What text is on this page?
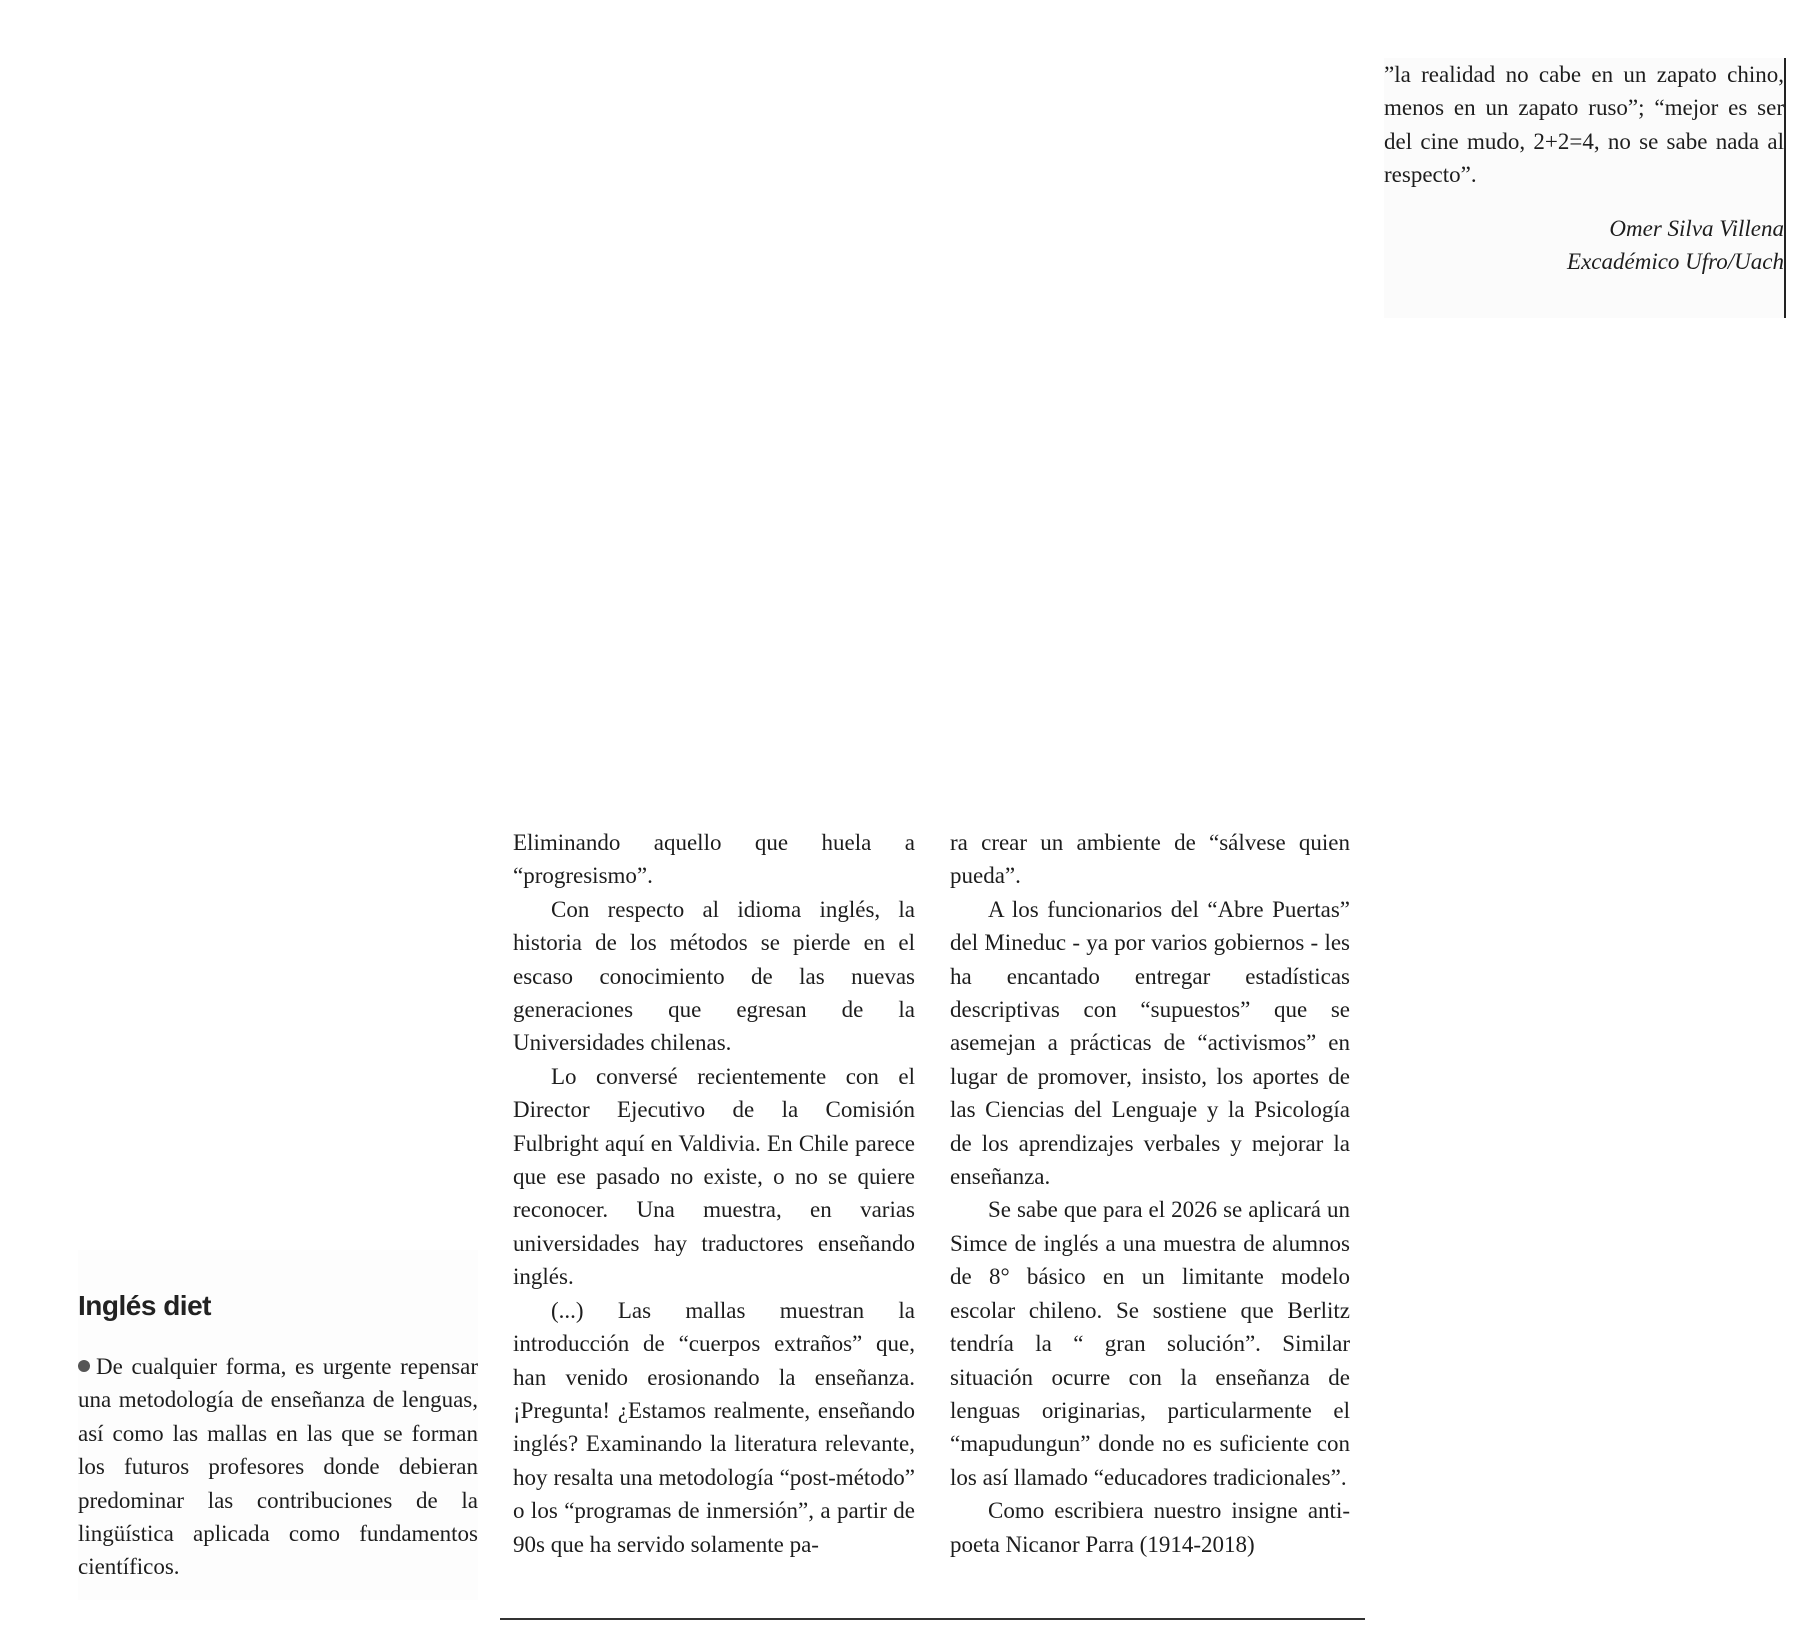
”la realidad no cabe en un zapato chino, menos en un zapato ruso”; “mejor es ser del cine mudo, 2+2=4, no se sabe nada al respecto”.

Omer Silva Villena
Excadémico Ufro/Uach
Inglés diet

De cualquier forma, es urgente repensar una metodología de enseñanza de lenguas, así como las mallas en las que se forman los futuros profesores donde debieran predominar las contribuciones de la lingüística aplicada como fundamentos científicos.

Eliminando aquello que huela a “progresismo”.

Con respecto al idioma inglés, la historia de los métodos se pierde en el escaso conocimiento de las nuevas generaciones que egresan de la Universidades chilenas.

Lo conversé recientemente con el Director Ejecutivo de la Comisión Fulbright aquí en Valdivia. En Chile parece que ese pasado no existe, o no se quiere reconocer. Una muestra, en varias universidades hay traductores enseñando inglés.

(...) Las mallas muestran la introducción de “cuerpos extraños” que, han venido erosionando la enseñanza. ¡Pregunta! ¿Estamos realmente, enseñando inglés? Examinando la literatura relevante, hoy resalta una metodología “post-método” o los “programas de inmersión”, a partir de 90s que ha servido solamente pa-

ra crear un ambiente de “sálvese quien pueda”.

A los funcionarios del “Abre Puertas” del Mineduc - ya por varios gobiernos - les ha encantado entregar estadísticas descriptivas con “supuestos” que se asemejan a prácticas de “activismos” en lugar de promover, insisto, los aportes de las Ciencias del Lenguaje y la Psicología de los aprendizajes verbales y mejorar la enseñanza.

Se sabe que para el 2026 se aplicará un Simce de inglés a una muestra de alumnos de 8° básico en un limitante modelo escolar chileno. Se sostiene que Berlitz tendría la “ gran solución”. Similar situación ocurre con la enseñanza de lenguas originarias, particularmente el “mapudungun” donde no es suficiente con los así llamado “educadores tradicionales”.

Como escribiera nuestro insigne anti-poeta Nicanor Parra (1914-2018)
